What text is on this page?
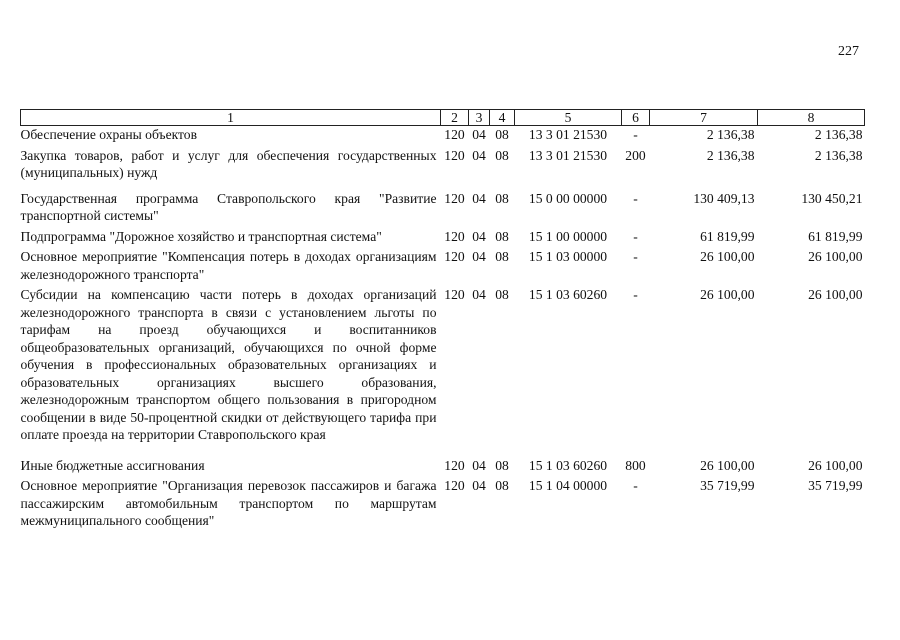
227
1	2	3	4	5	6	7	8
Обеспечение охраны объектов	120	04	08	13 3 01 21530	-	2 136,38	2 136,38
Закупка товаров, работ и услуг для обеспечения государственных (муниципальных) нужд	120	04	08	13 3 01 21530	200	2 136,38	2 136,38
Государственная программа Ставропольского края "Развитие транспортной системы"	120	04	08	15 0 00 00000	-	130 409,13	130 450,21
Подпрограмма "Дорожное хозяйство и транспортная система"	120	04	08	15 1 00 00000	-	61 819,99	61 819,99
Основное мероприятие "Компенсация потерь в доходах организациям железнодорожного транспорта"	120	04	08	15 1 03 00000	-	26 100,00	26 100,00
Субсидии на компенсацию части потерь в доходах организаций железнодорожного транспорта в связи с установлением льготы по тарифам на проезд обучающихся и воспитанников общеобразовательных организаций, обучающихся по очной форме обучения в профессиональных образовательных организациях и образовательных организациях высшего образования, железнодорожным транспортом общего пользования в пригородном сообщении в виде 50-процентной скидки от действующего тарифа при оплате проезда на территории Ставропольского края	120	04	08	15 1 03 60260	-	26 100,00	26 100,00
Иные бюджетные ассигнования	120	04	08	15 1 03 60260	800	26 100,00	26 100,00
Основное мероприятие "Организация перевозок пассажиров и багажа пассажирским автомобильным транспортом по маршрутам межмуниципального сообщения"	120	04	08	15 1 04 00000	-	35 719,99	35 719,99
